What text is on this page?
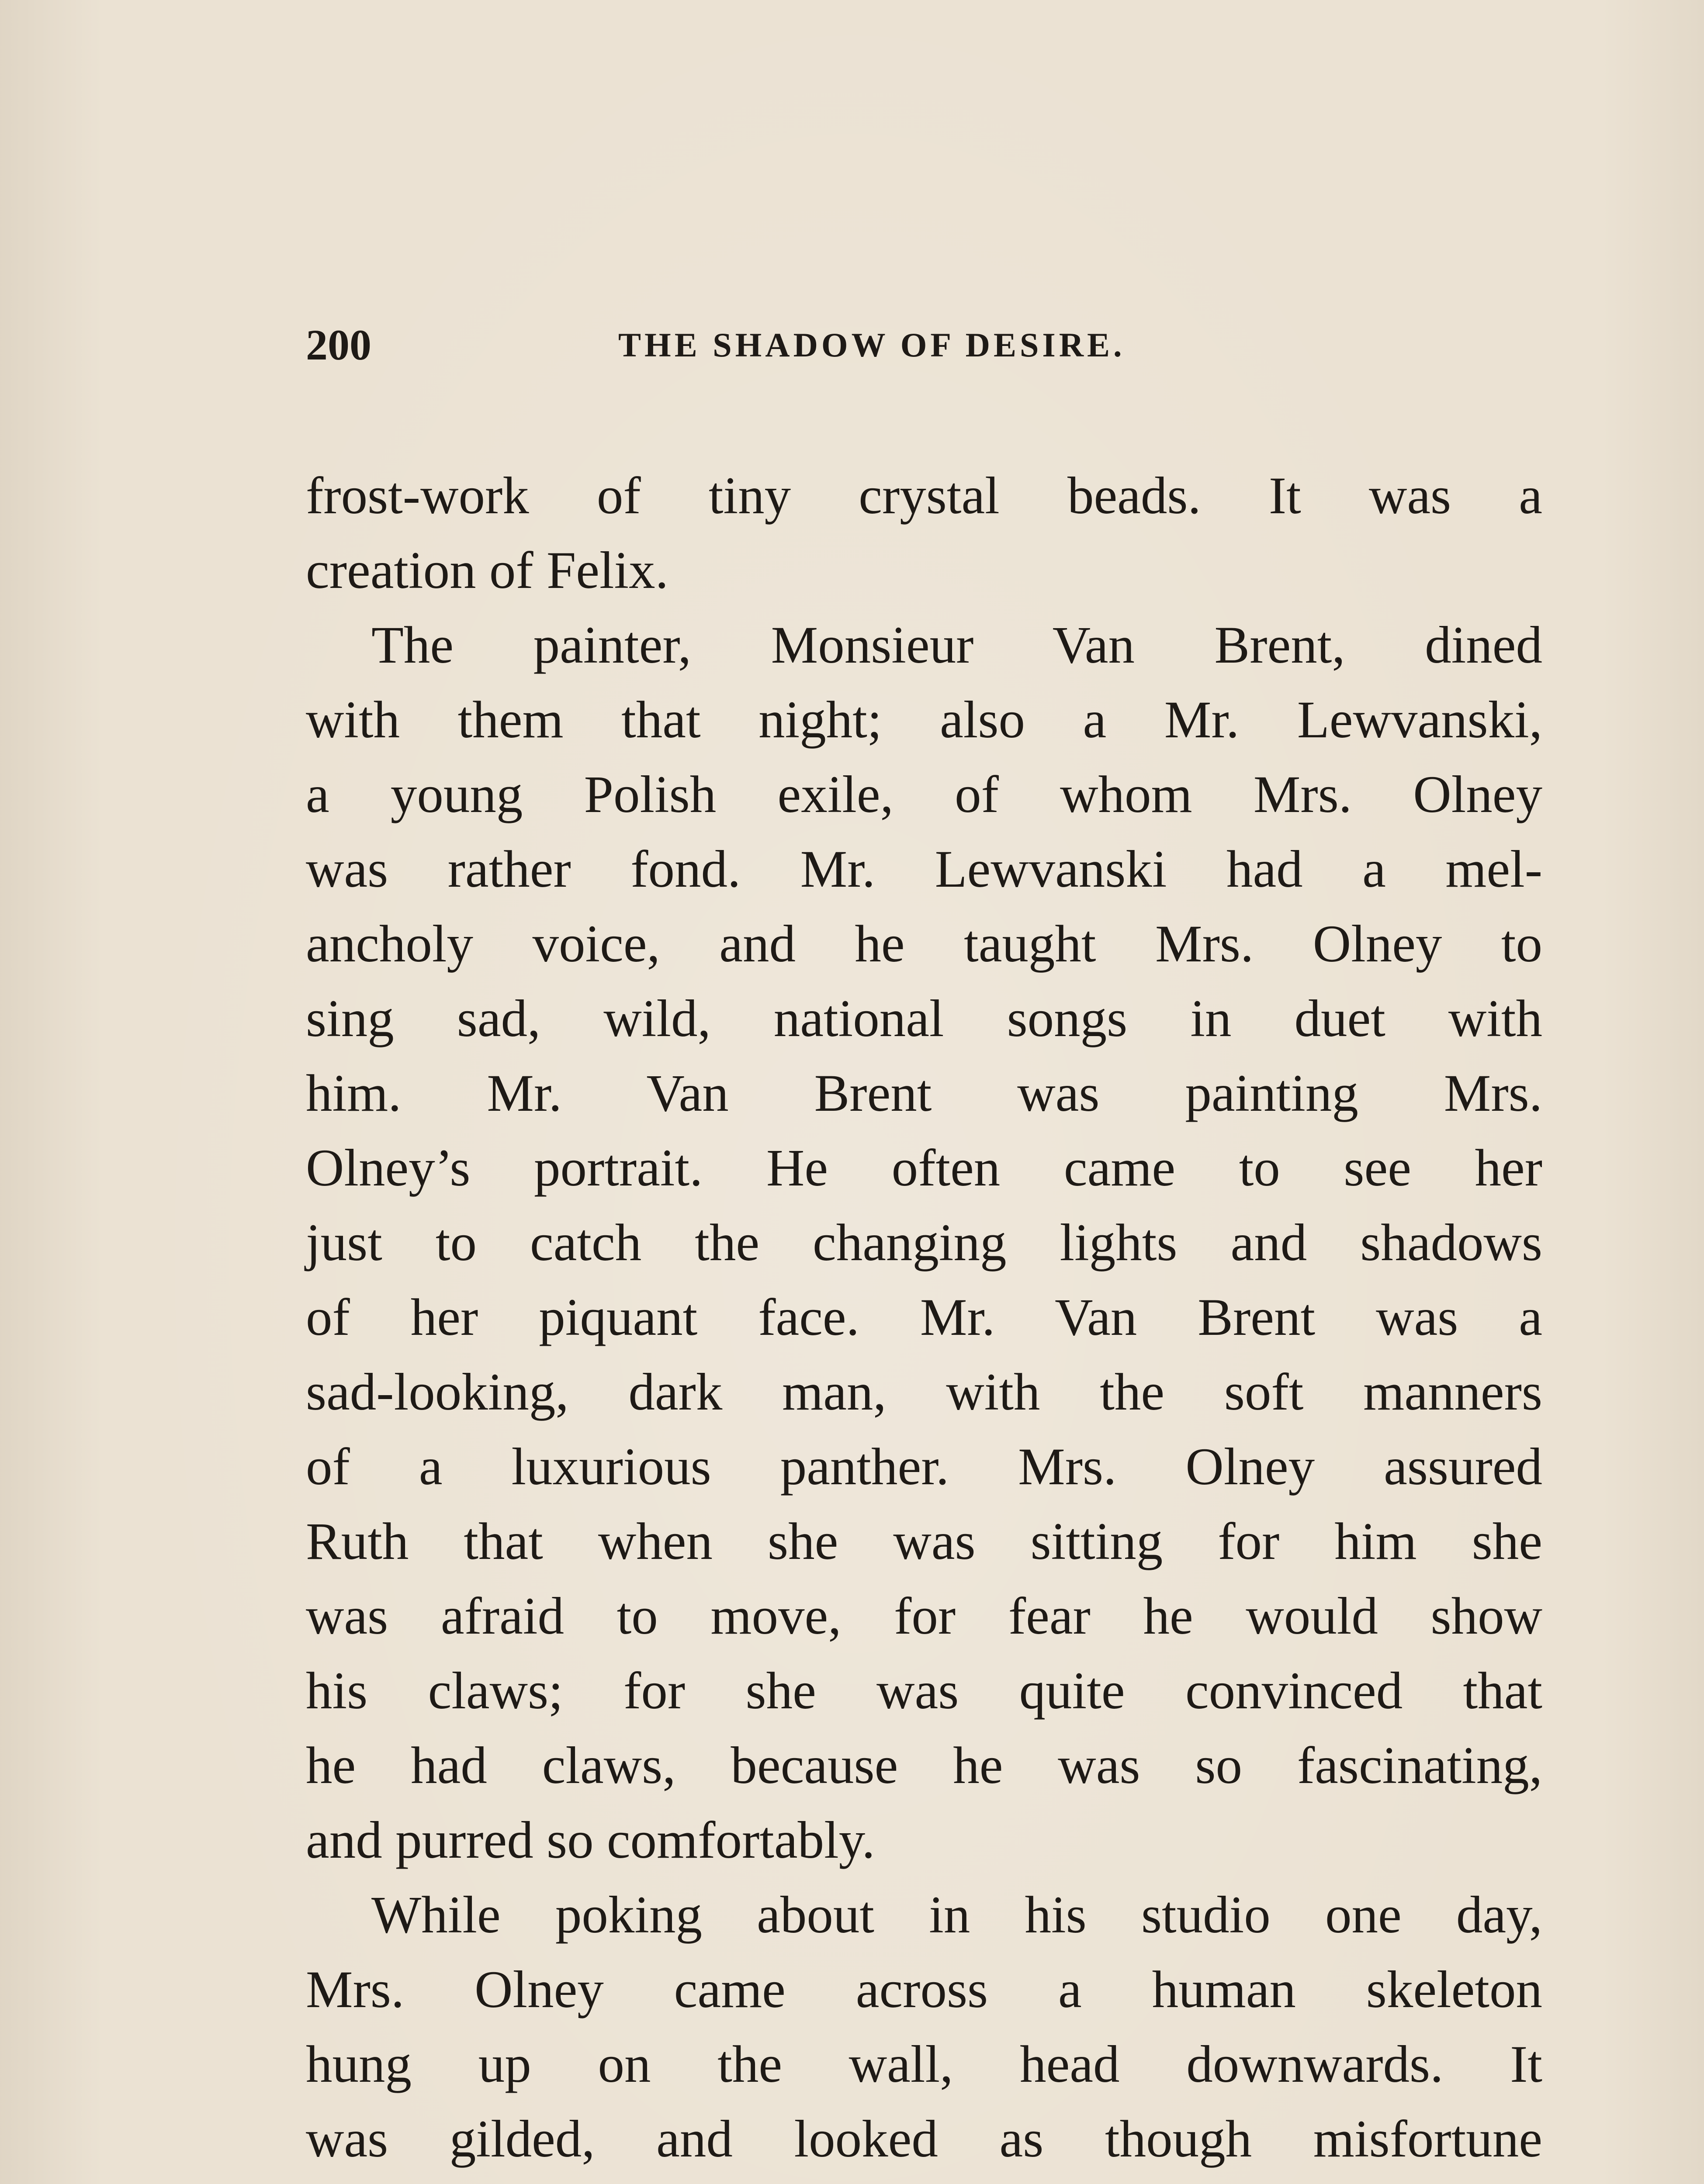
200	THE SHADOW OF DESIRE.
frost-work of tiny crystal beads. It was a
creation of Felix.
The painter, Monsieur Van Brent, dined
with them that night; also a Mr. Lewvanski,
a young Polish exile, of whom Mrs. Olney
was rather fond. Mr. Lewvanski had a mel-
ancholy voice, and he taught Mrs. Olney to
sing sad, wild, national songs in duet with
him. Mr. Van Brent was painting Mrs.
Olney’s portrait. He often came to see her
just to catch the changing lights and shadows
of her piquant face. Mr. Van Brent was a
sad-looking, dark man, with the soft manners
of a luxurious panther. Mrs. Olney assured
Ruth that when she was sitting for him she
was afraid to move, for fear he would show
his claws; for she was quite convinced that
he had claws, because he was so fascinating,
and purred so comfortably.
While poking about in his studio one day,
Mrs. Olney came across a human skeleton
hung up on the wall, head downwards. It
was gilded, and looked as though misfortune
